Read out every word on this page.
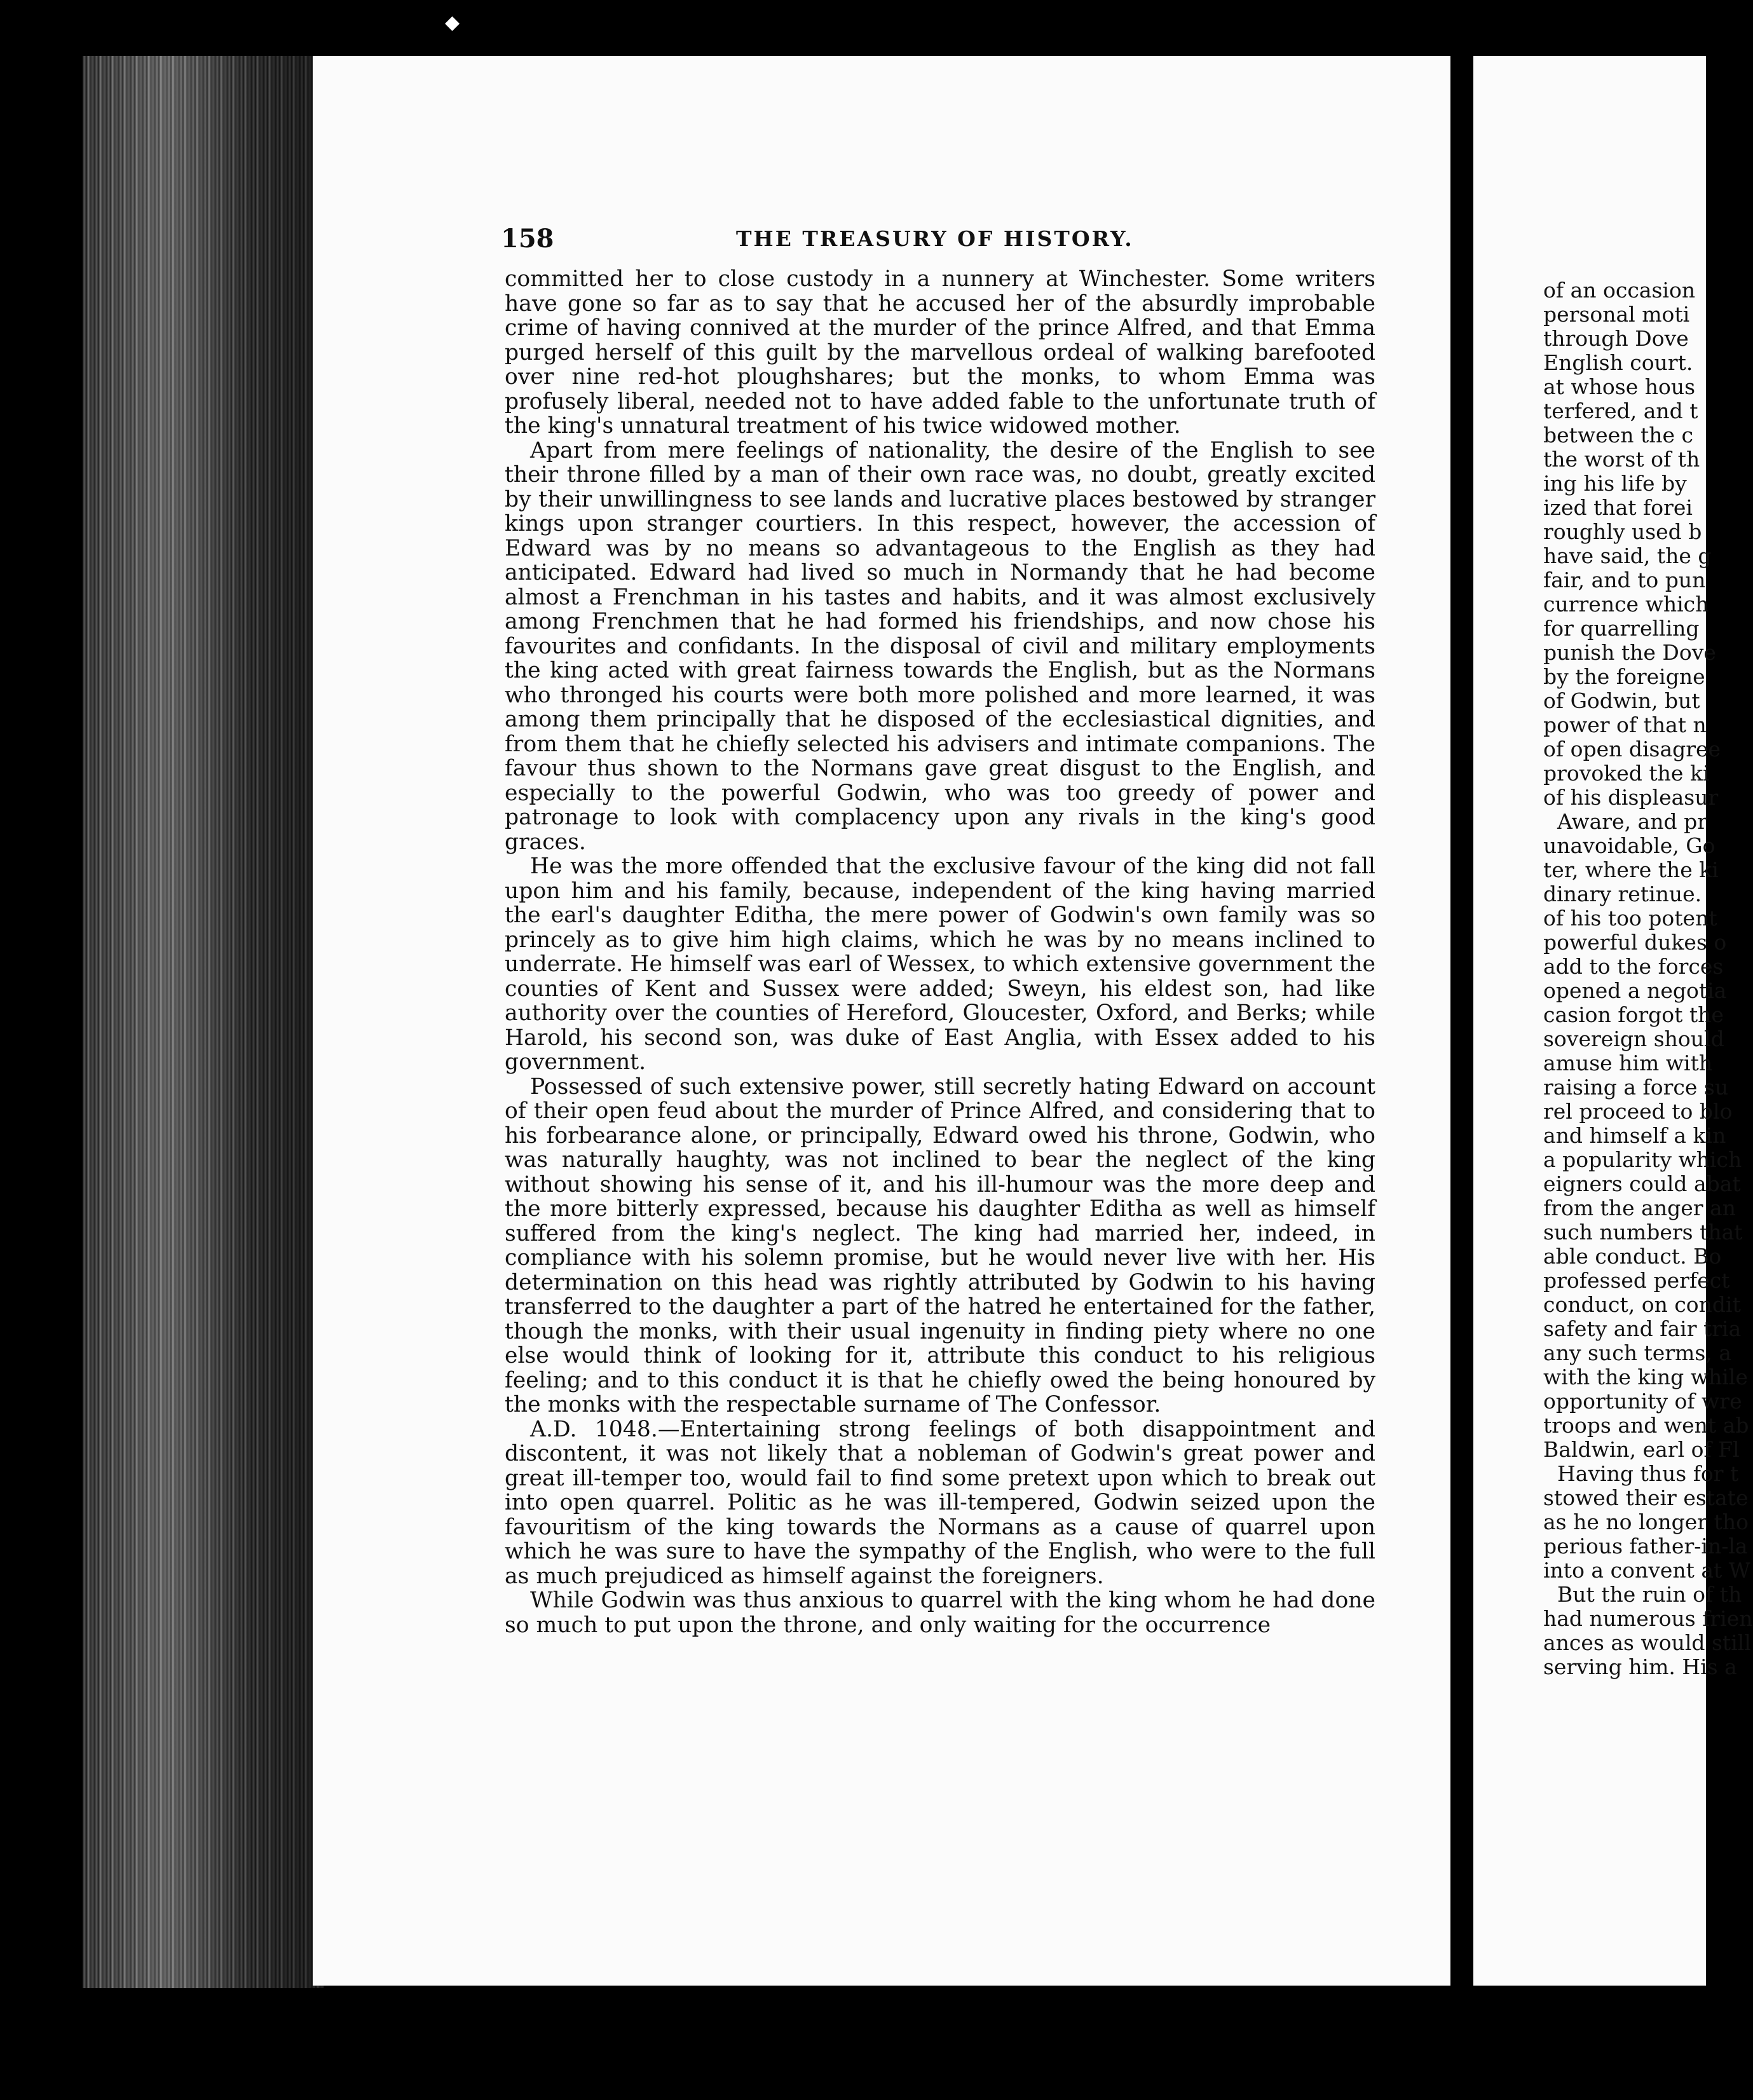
◆
158	THE TREASURY OF HISTORY.

committed her to close custody in a nunnery at Winchester. Some writers have gone so far as to say that he accused her of the absurdly improbable crime of having connived at the murder of the prince Alfred, and that Emma purged herself of this guilt by the marvellous ordeal of walking barefooted over nine red-hot ploughshares; but the monks, to whom Emma was profusely liberal, needed not to have added fable to the unfortunate truth of the king's unnatural treatment of his twice widowed mother.

Apart from mere feelings of nationality, the desire of the English to see their throne filled by a man of their own race was, no doubt, greatly excited by their unwillingness to see lands and lucrative places bestowed by stranger kings upon stranger courtiers. In this respect, however, the accession of Edward was by no means so advantageous to the English as they had anticipated. Edward had lived so much in Normandy that he had become almost a Frenchman in his tastes and habits, and it was almost exclusively among Frenchmen that he had formed his friendships, and now chose his favourites and confidants. In the disposal of civil and military employments the king acted with great fairness towards the English, but as the Normans who thronged his courts were both more polished and more learned, it was among them principally that he disposed of the ecclesiastical dignities, and from them that he chiefly selected his advisers and intimate companions. The favour thus shown to the Normans gave great disgust to the English, and especially to the powerful Godwin, who was too greedy of power and patronage to look with complacency upon any rivals in the king's good graces.

He was the more offended that the exclusive favour of the king did not fall upon him and his family, because, independent of the king having married the earl's daughter Editha, the mere power of Godwin's own family was so princely as to give him high claims, which he was by no means inclined to underrate. He himself was earl of Wessex, to which extensive government the counties of Kent and Sussex were added; Sweyn, his eldest son, had like authority over the counties of Hereford, Gloucester, Oxford, and Berks; while Harold, his second son, was duke of East Anglia, with Essex added to his government.

Possessed of such extensive power, still secretly hating Edward on account of their open feud about the murder of Prince Alfred, and considering that to his forbearance alone, or principally, Edward owed his throne, Godwin, who was naturally haughty, was not inclined to bear the neglect of the king without showing his sense of it, and his ill-humour was the more deep and the more bitterly expressed, because his daughter Editha as well as himself suffered from the king's neglect. The king had married her, indeed, in compliance with his solemn promise, but he would never live with her. His determination on this head was rightly attributed by Godwin to his having transferred to the daughter a part of the hatred he entertained for the father, though the monks, with their usual ingenuity in finding piety where no one else would think of looking for it, attribute this conduct to his religious feeling; and to this conduct it is that he chiefly owed the being honoured by the monks with the respectable surname of The Confessor.

A.D. 1048.—Entertaining strong feelings of both disappointment and discontent, it was not likely that a nobleman of Godwin's great power and great ill-temper too, would fail to find some pretext upon which to break out into open quarrel. Politic as he was ill-tempered, Godwin seized upon the favouritism of the king towards the Normans as a cause of quarrel upon which he was sure to have the sympathy of the English, who were to the full as much prejudiced as himself against the foreigners.

While Godwin was thus anxious to quarrel with the king whom he had done so much to put upon the throne, and only waiting for the occurrence

of an occasion
personal moti
through Dove
English court.
at whose hous
terfered, and t
between the c
the worst of th
ing his life by
ized that forei
roughly used b
have said, the g
fair, and to pun
currence which
for quarrelling
punish the Dove
by the foreigne
of Godwin, but
power of that n
of open disagree
provoked the ki
of his displeasur
Aware, and pr
unavoidable, Go
ter, where the ki
dinary retinue.
of his too potent
powerful dukes o
add to the forces
opened a negotia
casion forgot the
sovereign should
amuse him with
raising a force su
rel proceed to blo
and himself a kin
a popularity which
eigners could abat
from the anger an
such numbers that
able conduct. Bo
professed perfect
conduct, on condit
safety and fair tria
any such terms, a
with the king while
opportunity of wre
troops and went ab
Baldwin, earl of Fl
Having thus for t
stowed their estate
as he no longer tho
perious father-in-la
into a convent at W
But the ruin of th
had numerous frien
ances as would still
serving him. His a
